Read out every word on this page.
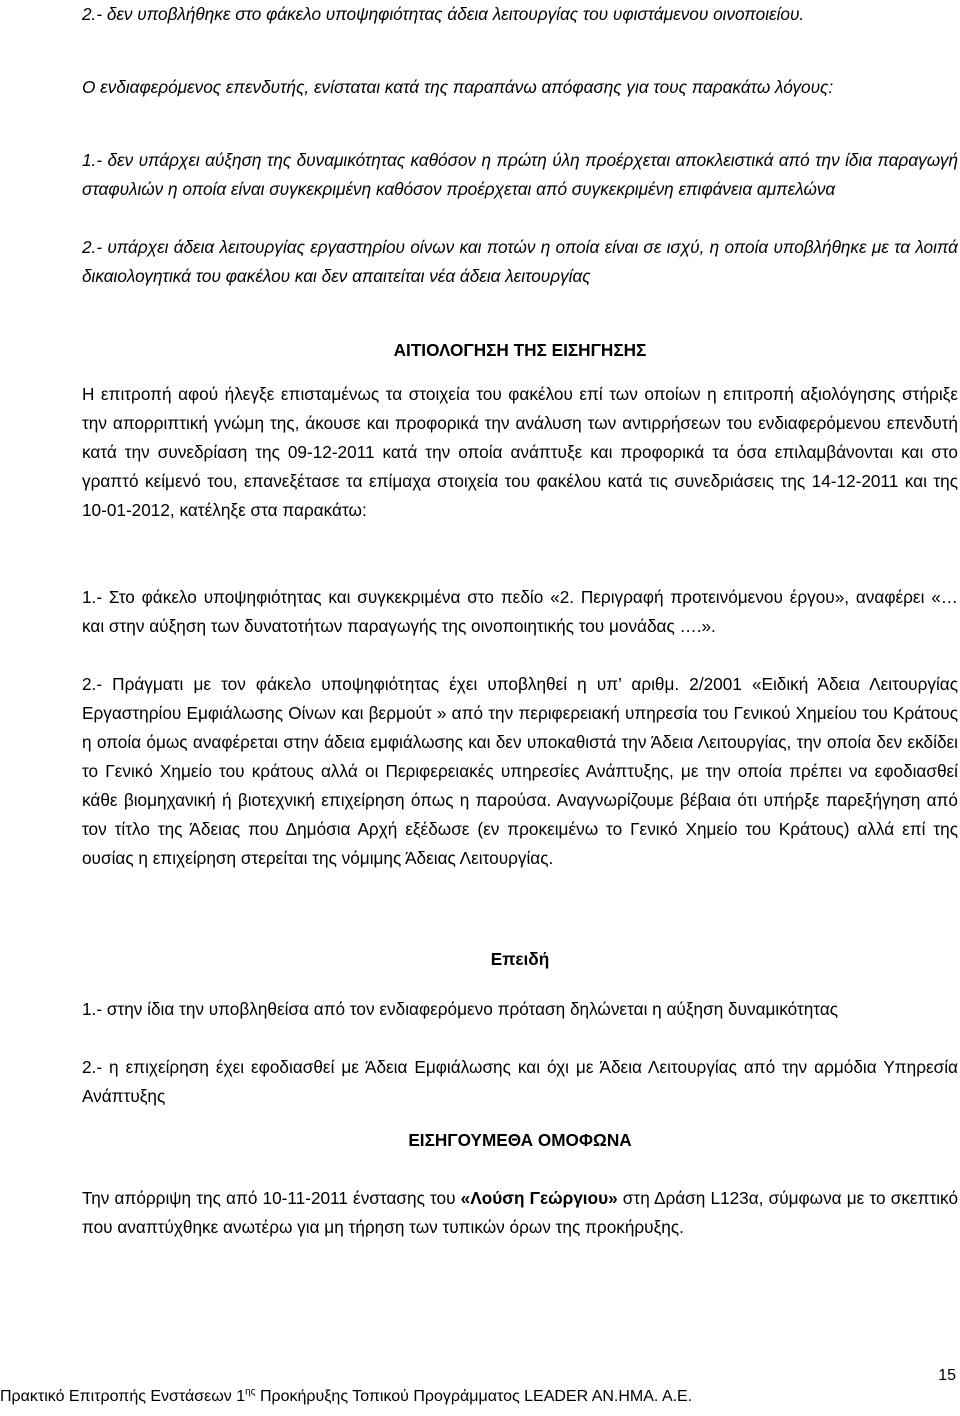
2.- δεν υποβλήθηκε στο φάκελο υποψηφιότητας άδεια λειτουργίας του υφιστάμενου οινοποιείου.

Ο ενδιαφερόμενος επενδυτής, ενίσταται κατά της παραπάνω απόφασης για τους παρακάτω λόγους:

1.- δεν υπάρχει αύξηση της δυναμικότητας καθόσον η πρώτη ύλη προέρχεται αποκλειστικά από την ίδια παραγωγή σταφυλιών η οποία είναι συγκεκριμένη καθόσον προέρχεται από συγκεκριμένη επιφάνεια αμπελώνα

2.- υπάρχει άδεια λειτουργίας εργαστηρίου οίνων και ποτών η οποία είναι σε ισχύ, η οποία υποβλήθηκε με τα λοιπά δικαιολογητικά του φακέλου και δεν απαιτείται νέα άδεια λειτουργίας

ΑΙΤΙΟΛΟΓΗΣΗ ΤΗΣ ΕΙΣΗΓΗΣΗΣ

Η επιτροπή αφού ήλεγξε επισταμένως τα στοιχεία του φακέλου επί των οποίων η επιτροπή αξιολόγησης στήριξε την απορριπτική γνώμη της, άκουσε και προφορικά την ανάλυση των αντιρρήσεων του ενδιαφερόμενου επενδυτή κατά την συνεδρίαση της 09-12-2011 κατά την οποία ανάπτυξε και προφορικά τα όσα επιλαμβάνονται και στο γραπτό κείμενό του, επανεξέτασε τα επίμαχα στοιχεία του φακέλου κατά τις συνεδριάσεις της 14-12-2011 και της 10-01-2012, κατέληξε στα παρακάτω:

1.- Στο φάκελο υποψηφιότητας και συγκεκριμένα στο πεδίο «2. Περιγραφή προτεινόμενου έργου», αναφέρει «… και στην αύξηση των δυνατοτήτων παραγωγής της οινοποιητικής του μονάδας ….».

2.- Πράγματι με τον φάκελο υποψηφιότητας έχει υποβληθεί η υπ’ αριθμ. 2/2001 «Ειδική Άδεια Λειτουργίας Εργαστηρίου Εμφιάλωσης Οίνων και βερμούτ » από την περιφερειακή υπηρεσία του Γενικού Χημείου του Κράτους η οποία όμως αναφέρεται στην άδεια εμφιάλωσης και δεν υποκαθιστά την Άδεια Λειτουργίας, την οποία δεν εκδίδει το Γενικό Χημείο του κράτους αλλά οι Περιφερειακές υπηρεσίες Ανάπτυξης, με την οποία πρέπει να εφοδιασθεί κάθε βιομηχανική ή βιοτεχνική επιχείρηση όπως η παρούσα. Αναγνωρίζουμε βέβαια ότι υπήρξε παρεξήγηση από τον τίτλο της Άδειας που Δημόσια Αρχή εξέδωσε (εν προκειμένω το Γενικό Χημείο του Κράτους) αλλά επί της ουσίας η επιχείρηση στερείται της νόμιμης Άδειας Λειτουργίας.

Επειδή

1.- στην ίδια την υποβληθείσα από τον ενδιαφερόμενο πρόταση δηλώνεται η αύξηση δυναμικότητας

2.- η επιχείρηση έχει εφοδιασθεί με Άδεια Εμφιάλωσης και όχι με Άδεια Λειτουργίας από την αρμόδια Υπηρεσία Ανάπτυξης

ΕΙΣΗΓΟΥΜΕΘΑ ΟΜΟΦΩΝΑ

Την απόρριψη της από 10-11-2011 ένστασης του «Λούση Γεώργιου» στη Δράση L123α, σύμφωνα με το σκεπτικό που αναπτύχθηκε ανωτέρω για μη τήρηση των τυπικών όρων της προκήρυξης.

15
Πρακτικό Επιτροπής Ενστάσεων $1^{\eta\varsigma}$ Προκήρυξης Τοπικού Προγράμματος LEADER AN.HMA. A.E.
